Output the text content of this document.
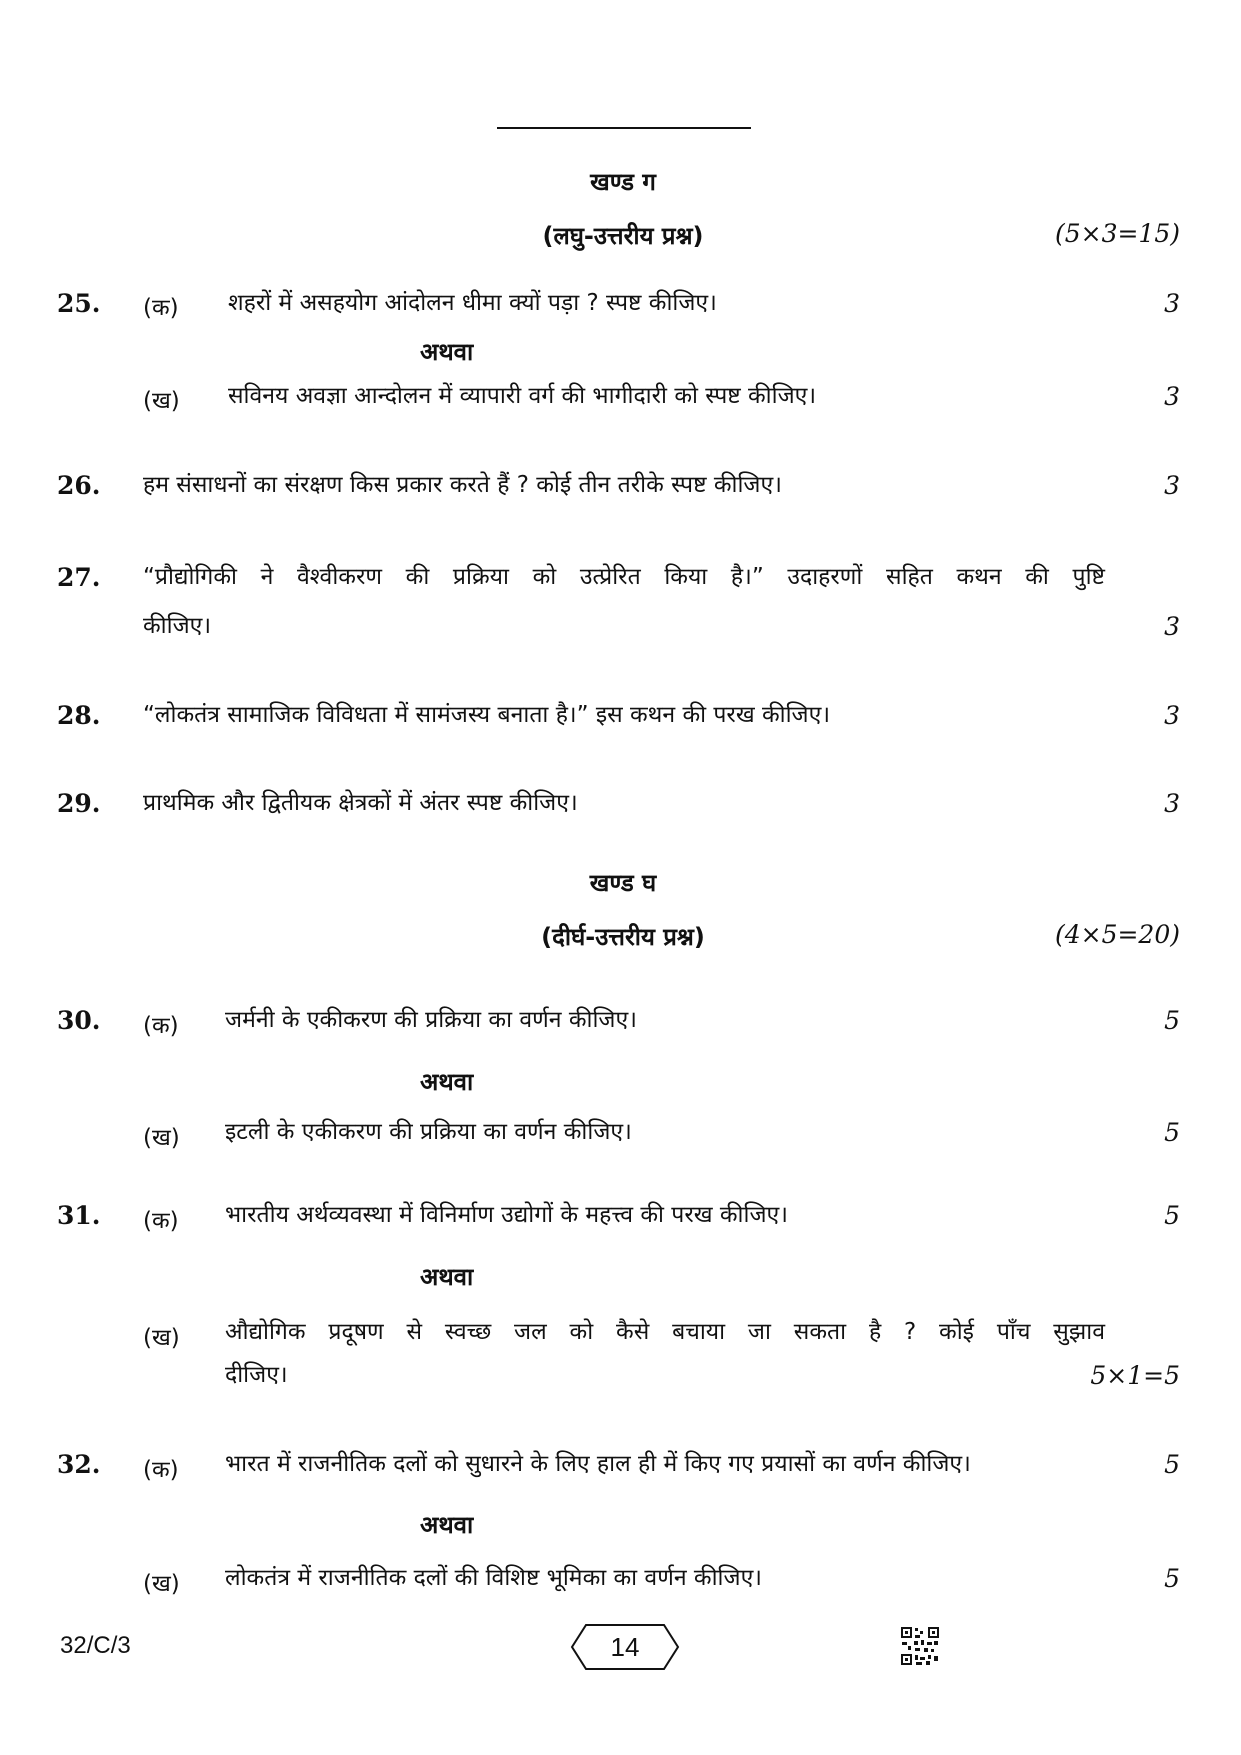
खण्ड ग
(लघु-उत्तरीय प्रश्न)	(5×3=15)
25. (क) शहरों में असहयोग आंदोलन धीमा क्यों पड़ा ? स्पष्ट कीजिए।	3
अथवा
(ख) सविनय अवज्ञा आन्दोलन में व्यापारी वर्ग की भागीदारी को स्पष्ट कीजिए।	3
26. हम संसाधनों का संरक्षण किस प्रकार करते हैं ? कोई तीन तरीके स्पष्ट कीजिए।	3
27. “प्रौद्योगिकी ने वैश्वीकरण की प्रक्रिया को उत्प्रेरित किया है।” उदाहरणों सहित कथन की पुष्टि
कीजिए।	3
28. “लोकतंत्र सामाजिक विविधता में सामंजस्य बनाता है।” इस कथन की परख कीजिए।	3
29. प्राथमिक और द्वितीयक क्षेत्रकों में अंतर स्पष्ट कीजिए।	3
खण्ड घ
(दीर्घ-उत्तरीय प्रश्न)	(4×5=20)
30. (क) जर्मनी के एकीकरण की प्रक्रिया का वर्णन कीजिए।	5
अथवा
(ख) इटली के एकीकरण की प्रक्रिया का वर्णन कीजिए।	5
31. (क) भारतीय अर्थव्यवस्था में विनिर्माण उद्योगों के महत्त्व की परख कीजिए।	5
अथवा
(ख) औद्योगिक प्रदूषण से स्वच्छ जल को कैसे बचाया जा सकता है ? कोई पाँच सुझाव
दीजिए।	5×1=5
32. (क) भारत में राजनीतिक दलों को सुधारने के लिए हाल ही में किए गए प्रयासों का वर्णन कीजिए।	5
अथवा
(ख) लोकतंत्र में राजनीतिक दलों की विशिष्ट भूमिका का वर्णन कीजिए।	5
32/C/3	14
